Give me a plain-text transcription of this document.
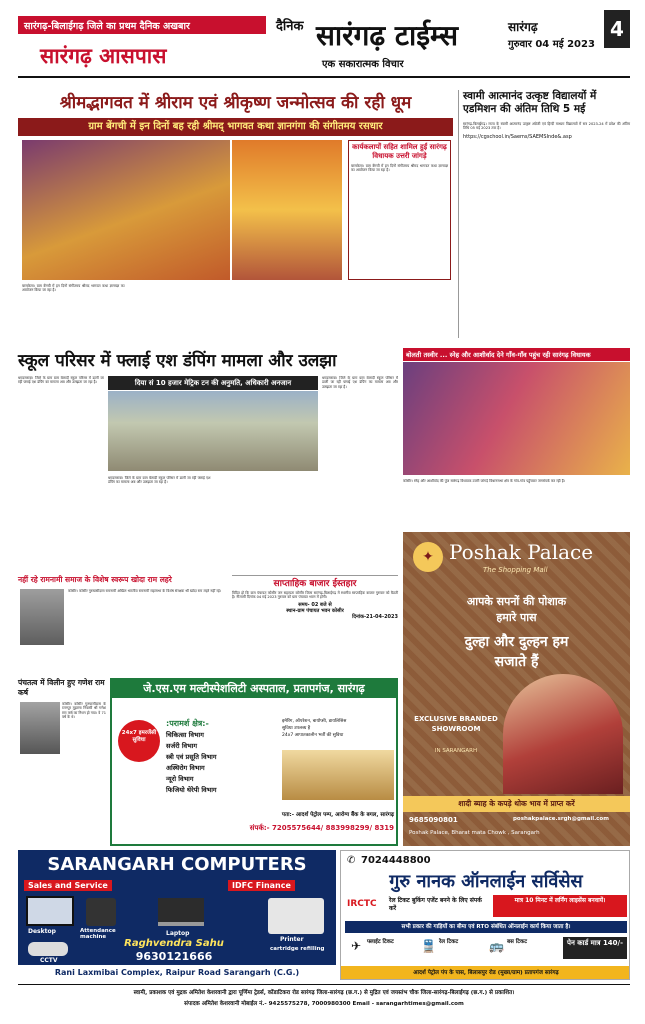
सारंगढ़-बिलाईगढ़ जिले का प्रथम दैनिक अखबार
सारंगढ़ आसपास
दैनिक सारंगढ़ टाईम्स
एक सकारात्मक विचार
सारंगढ़
गुरुवार 04 मई 2023
4
श्रीमद्भागवत में श्रीराम एवं श्रीकृष्ण जन्मोत्सव की रही धूम
ग्राम बेंगची में इन दिनों बह रही श्रीमद् भागवत कथा ज्ञानगंगा की संगीतमय रसधार
कार्यकलापों सहित शामिल हुईं सारंगढ़ विधायक उत्तरी जांगड़े
बरमकेला। ग्राम बेंगची में इन दिनों संगीतमय श्रीमद भागवत कथा ज्ञानयज्ञ का आयोजन किया जा रहा है।
बरमकेला। ग्राम बेंगची में इन दिनों संगीतमय श्रीमद भागवत कथा ज्ञानयज्ञ का आयोजन किया जा रहा है।
स्वामी आत्मानंद उत्कृष्ट विद्यालयों में एडमिशन की अंतिम तिथि 5 मई
सारंगढ़-बिलाईगढ़। राज्य के स्वामी आत्मानंद उत्कृष्ट अंग्रेजी एवं हिन्दी माध्यम विद्यालयों में सत्र 2023-24 में प्रवेश की अंतिम तिथि 05 मई 2023 तक है।
https://cgschool.in/Saems/SAEMSInde&.asp
स्कूल परिसर में फ्लाई एश डंपिंग मामला और उलझा
धमदसरावा। जिले के ग्राम ग्राम बेलादी स्कूल परिसर में डाली जा रही फ्लाई एश डंपिंग का मामला अब और उलझता जा रहा है।	दिया सं 10 हजार मेट्रिक टन की अनुमति, अधिकारी अनजान
धमदसरावा। जिले के ग्राम ग्राम बेलादी स्कूल परिसर में डाली जा रही फ्लाई एश डंपिंग का मामला अब और उलझता जा रहा है।
धमदसरावा। जिले के ग्राम ग्राम बेलादी स्कूल परिसर में डाली जा रही फ्लाई एश डंपिंग का मामला अब और उलझता जा रहा है।
बोलती तस्वीर ... स्नेह और आशीर्वाद देने गाँव-गाँव पहुंच रही सारंगढ़ विधायक
कोसीर। स्नेह और आशीर्वाद की पुंज सारंगढ़ विधायक उत्तरी जांगड़े विधानसभा क्षेत्र के गांव-गांव पहुँचकर जनसंपर्क कर रही हैं।
नहीं रहे रामनामी समाज के विशेष स्वरूप खोदा राम लहरे
कोसीर। कोसीर गुरुघासीदास रामनामी अखिल भारतीय रामनामी महासभा के विशेष संरक्षक श्री खोदा राम लहरे नहीं रहे।
साप्ताहिक बाजार ईस्तहार
विदित हो कि ग्राम पंचायत कोसीर जन सहायता कोसीर जिला सारंगढ़-बिलाईगढ़ में स्थानीय साप्ताहिक बाजार गुरुवार को बैठती है। नीलामी दिनांक 04 मई 2023 गुरुवार को ग्राम पंचायत भवन में होगी।
समय- 02 बजे से
स्थान-ग्राम पंचायत भवन कोसीर
दिनांक-21-04-2023
पंचतत्व में विलीन हुए गणेश राम कर्ष
कोसीर। कोसीर गुरुघासीदास के रतनपुर मुहल्ला निवासी श्री गणेश राम कर्ष का निधन हो गया। वे 71 वर्ष के थे।
जे.एस.एम मल्टीस्पेशलिटी अस्पताल, प्रतापगंज, सारंगढ़
24x7 इमरजेंसी सुविधा
:परामर्श क्षेत्र:-
चिकित्सा विभाग
सर्जरी विभाग
स्त्री एवं प्रसूति विभाग
अस्थिरोग विभाग
न्यूरो विभाग
फिजियो थेरेपी विभाग
इमेरिंग, ऑपरेशन, बायोप्सी, डायलिसिस
सुविधा उपलब्ध है
24x7 आपातकालीन भर्ती की सुविधा
पता:- आदर्श पेट्रोल पम्प, आरोग्य बैंक के बगल, सारंगढ़
संपर्क:- 7205575644/ 883998299/ 8319
✦ Poshak Palace
The Shopping Mall
आपके सपनों की पोशाक
हमारे पास
दुल्हा और दुल्हन हम
सजाते हैं
EXCLUSIVE BRANDED SHOWROOM
IN SARANGARH
शादी ब्याह के कपड़े थोक भाव में प्राप्त करें
9685090801	poshakpalace.srgh@gmail.com
Poshak Palace, Bharat mata Chowk , Sarangarh
SARANGARH COMPUTERS
Sales and Service	IDFC Finance
Desktop	Attendance machine	Laptop
Printer
CCTV
Raghvendra Sahu
9630121666
cartridge refilling
Rani Laxmibai Complex, Raipur Road Sarangarh (C.G.)
✆ 7024448800
गुरु नानक ऑनलाईन सर्विसेस
IRCTC	रेल टिकट बुकिंग एजेंट बनने के लिए संपर्क करें
मात्र 10 मिनट में लर्निंग लाइसेंस बनवायें।
सभी प्रकार की गाड़ियों का बीमा एवं RTO संबंधित ऑनलाईन कार्य किया जाता है।
✈ फ्लाईट टिकट	🚆 रेल टिकट	🚌 बस टिकट	पेन कार्ड मात्र 140/-
आदर्श पेट्रोल पंप के पास, बिलासपुर रोड (मुख्य/ग्राम) प्रतापगंज सारंगढ़
स्वामी, प्रकाशक एवं मुद्रक अमितेश केशरवानी द्वारा पूर्णिमा ट्रेडर्स, कोंडाटिकरा रोड सारंगढ़ जिला-सारंगढ़ (छ.ग.) से मुद्रित एवं जयस्तंभ चौक जिला-सारंगढ़-बिलाईगढ़ (छ.ग.) से प्रकाशित।
संपादक अमितेश केशरवानी मोबाईल नं.- 9425575278, 7000980300 Email - sarangarhtimes@gmail.com
